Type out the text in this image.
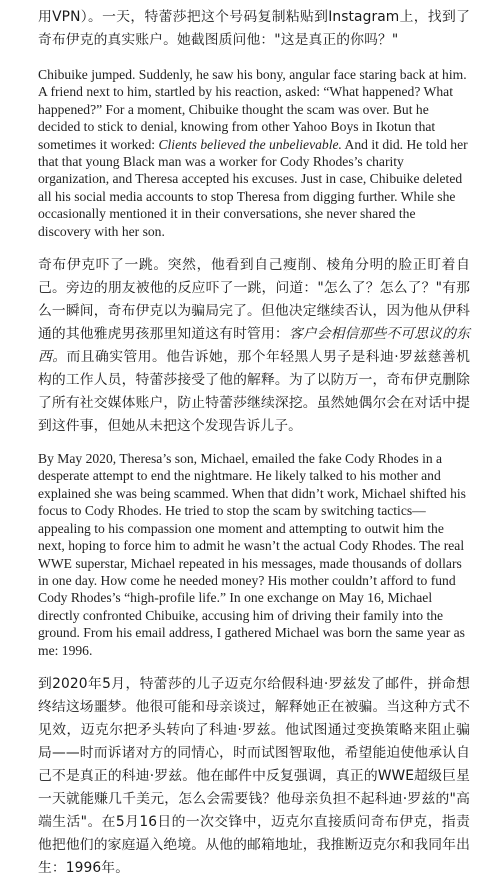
用VPN）。一天，特蕾莎把这个号码复制粘贴到Instagram上，找到了奇布伊克的真实账户。她截图质问他："这是真正的你吗？"

Chibuike jumped. Suddenly, he saw his bony, angular face staring back at him. A friend next to him, startled by his reaction, asked: “What happened? What happened?” For a moment, Chibuike thought the scam was over. But he decided to stick to denial, knowing from other Yahoo Boys in Ikotun that sometimes it worked: Clients believed the unbelievable. And it did. He told her that that young Black man was a worker for Cody Rhodes’s charity organization, and Theresa accepted his excuses. Just in case, Chibuike deleted all his social media accounts to stop Theresa from digging further. While she occasionally mentioned it in their conversations, she never shared the discovery with her son.

奇布伊克吓了一跳。突然，他看到自己瘦削、棱角分明的脸正盯着自己。旁边的朋友被他的反应吓了一跳，问道："怎么了？怎么了？"有那么一瞬间，奇布伊克以为骗局完了。但他决定继续否认，因为他从伊科通的其他雅虎男孩那里知道这有时管用：客户会相信那些不可思议的东西。而且确实管用。他告诉她，那个年轻黑人男子是科迪·罗兹慈善机构的工作人员，特蕾莎接受了他的解释。为了以防万一，奇布伊克删除了所有社交媒体账户，防止特蕾莎继续深挖。虽然她偶尔会在对话中提到这件事，但她从未把这个发现告诉儿子。

By May 2020, Theresa’s son, Michael, emailed the fake Cody Rhodes in a desperate attempt to end the nightmare. He likely talked to his mother and explained she was being scammed. When that didn’t work, Michael shifted his focus to Cody Rhodes. He tried to stop the scam by switching tactics—appealing to his compassion one moment and attempting to outwit him the next, hoping to force him to admit he wasn’t the actual Cody Rhodes. The real WWE superstar, Michael repeated in his messages, made thousands of dollars in one day. How come he needed money? His mother couldn’t afford to fund Cody Rhodes’s “high-profile life.” In one exchange on May 16, Michael directly confronted Chibuike, accusing him of driving their family into the ground. From his email address, I gathered Michael was born the same year as me: 1996.

到2020年5月，特蕾莎的儿子迈克尔给假科迪·罗兹发了邮件，拼命想终结这场噩梦。他很可能和母亲谈过，解释她正在被骗。当这种方式不见效，迈克尔把矛头转向了科迪·罗兹。他试图通过变换策略来阻止骗局——时而诉诸对方的同情心，时而试图智取他，希望能迫使他承认自己不是真正的科迪·罗兹。他在邮件中反复强调，真正的WWE超级巨星一天就能赚几千美元，怎么会需要钱？他母亲负担不起科迪·罗兹的"高端生活"。在5月16日的一次交锋中，迈克尔直接质问奇布伊克，指责他把他们的家庭逼入绝境。从他的邮箱地址，我推断迈克尔和我同年出生：1996年。
